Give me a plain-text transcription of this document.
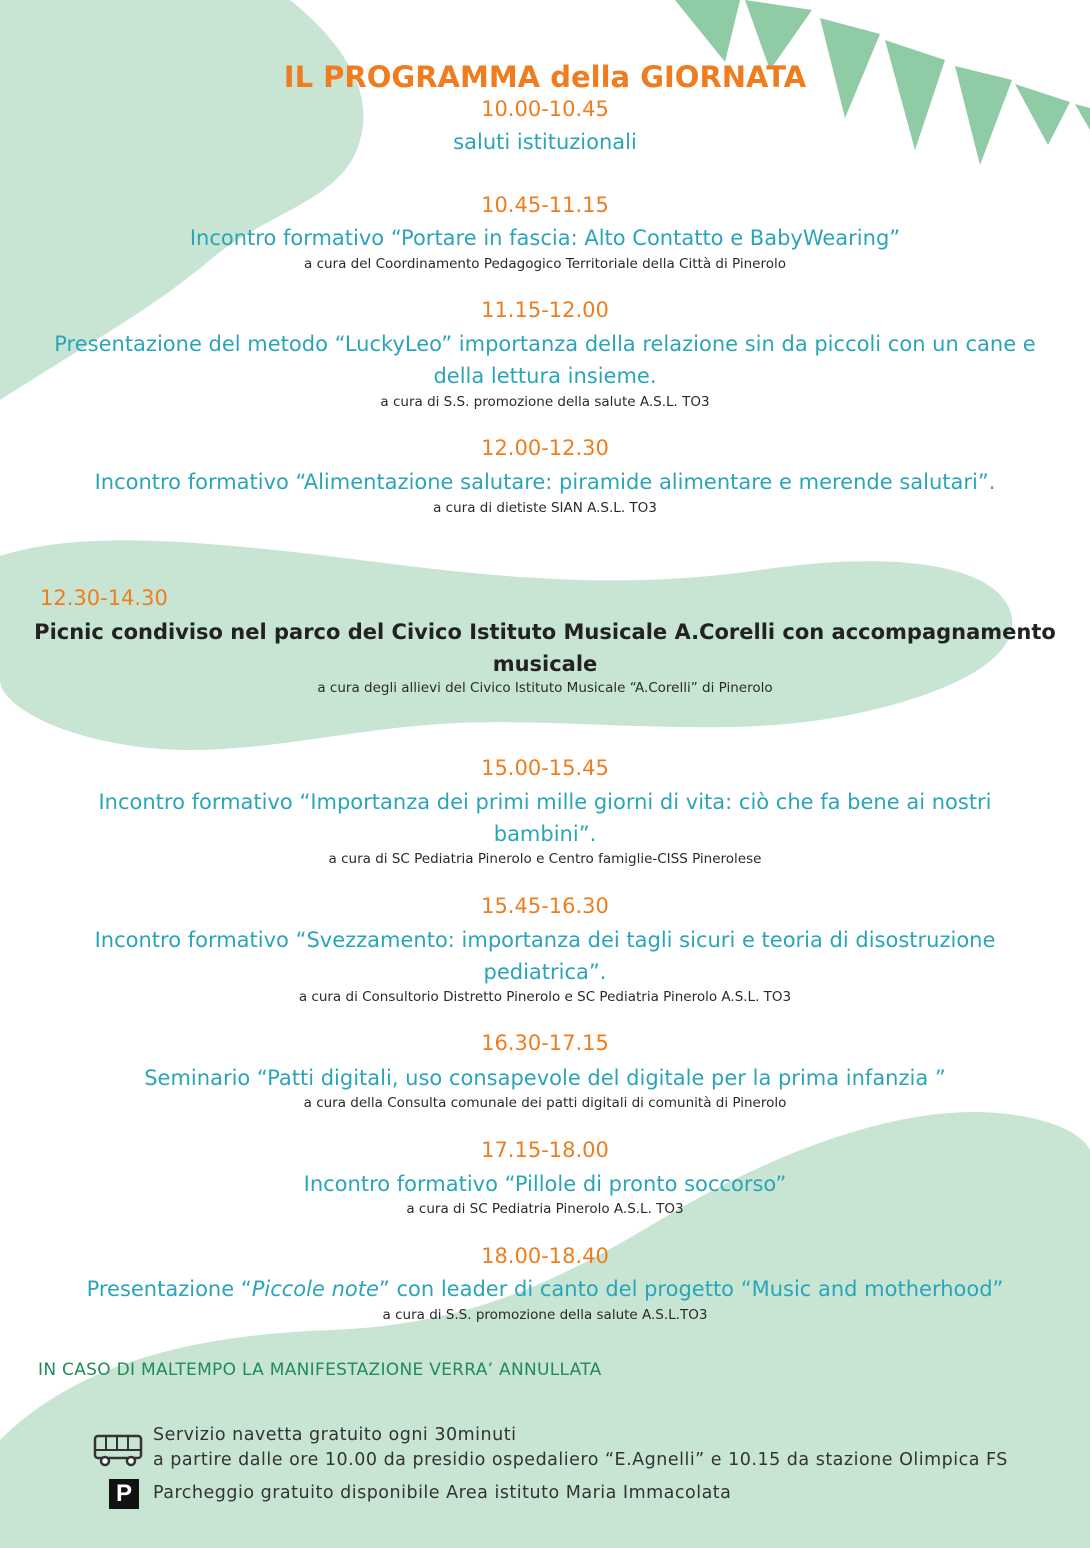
IL PROGRAMMA della GIORNATA
10.00-10.45
saluti istituzionali
10.45-11.15
Incontro formativo “Portare in fascia: Alto Contatto e BabyWearing”
a cura del Coordinamento Pedagogico Territoriale della Città di Pinerolo
11.15-12.00
Presentazione del metodo “LuckyLeo” importanza della relazione sin da piccoli con un cane e
della lettura insieme.
a cura di S.S. promozione della salute A.S.L. TO3
12.00-12.30
Incontro formativo “Alimentazione salutare: piramide alimentare e merende salutari”.
a cura di dietiste SIAN A.S.L. TO3
12.30-14.30
Picnic condiviso nel parco del Civico Istituto Musicale A.Corelli con accompagnamento
musicale
a cura degli allievi del Civico Istituto Musicale “A.Corelli” di Pinerolo
15.00-15.45
Incontro formativo “Importanza dei primi mille giorni di vita: ciò che fa bene ai nostri
bambini”.
a cura di SC Pediatria Pinerolo e Centro famiglie-CISS Pinerolese
15.45-16.30
Incontro formativo “Svezzamento: importanza dei tagli sicuri e teoria di disostruzione
pediatrica”.
a cura di Consultorio Distretto Pinerolo e SC Pediatria Pinerolo A.S.L. TO3
16.30-17.15
Seminario “Patti digitali, uso consapevole del digitale per la prima infanzia ”
a cura della Consulta comunale dei patti digitali di comunità di Pinerolo
17.15-18.00
Incontro formativo “Pillole di pronto soccorso”
a cura di SC Pediatria Pinerolo A.S.L. TO3
18.00-18.40
Presentazione “Piccole note” con leader di canto del progetto “Music and motherhood”
a cura di S.S. promozione della salute A.S.L.TO3
IN CASO DI MALTEMPO LA MANIFESTAZIONE VERRA’ ANNULLATA
Servizio navetta gratuito ogni 30minuti
a partire dalle ore 10.00 da presidio ospedaliero “E.Agnelli” e 10.15 da stazione Olimpica FS
P	Parcheggio gratuito disponibile Area istituto Maria Immacolata
